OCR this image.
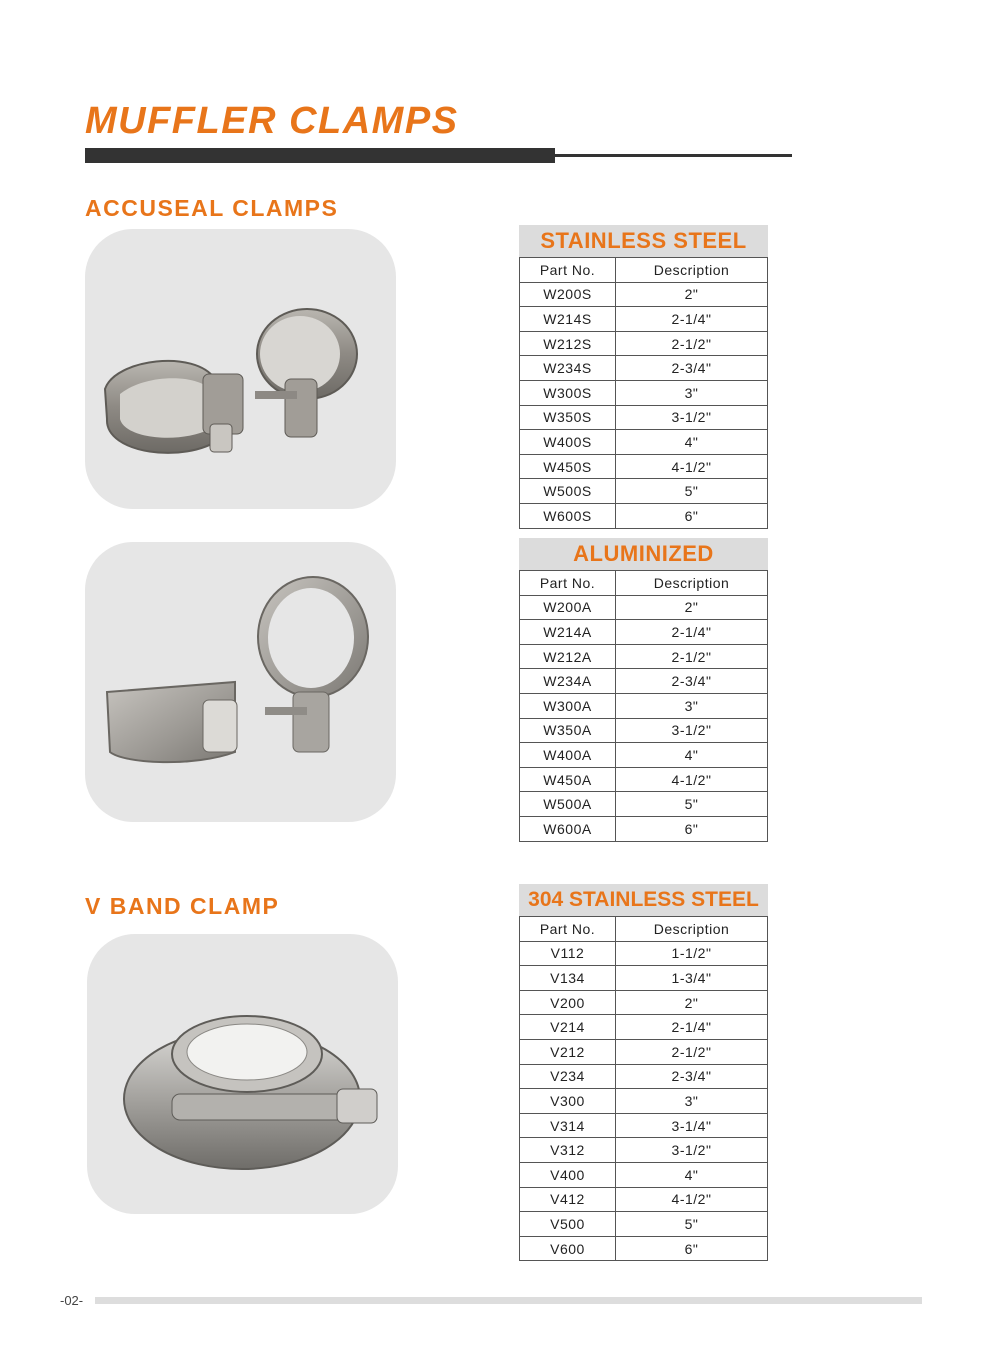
MUFFLER CLAMPS
ACCUSEAL CLAMPS
V BAND CLAMP
STAINLESS STEEL
Part No.	Description
W200S	2"
W214S	2-1/4"
W212S	2-1/2"
W234S	2-3/4"
W300S	3"
W350S	3-1/2"
W400S	4"
W450S	4-1/2"
W500S	5"
W600S	6"
ALUMINIZED
Part No.	Description
W200A	2"
W214A	2-1/4"
W212A	2-1/2"
W234A	2-3/4"
W300A	3"
W350A	3-1/2"
W400A	4"
W450A	4-1/2"
W500A	5"
W600A	6"
304 STAINLESS STEEL
Part No.	Description
V112	1-1/2"
V134	1-3/4"
V200	2"
V214	2-1/4"
V212	2-1/2"
V234	2-3/4"
V300	3"
V314	3-1/4"
V312	3-1/2"
V400	4"
V412	4-1/2"
V500	5"
V600	6"
-02-
